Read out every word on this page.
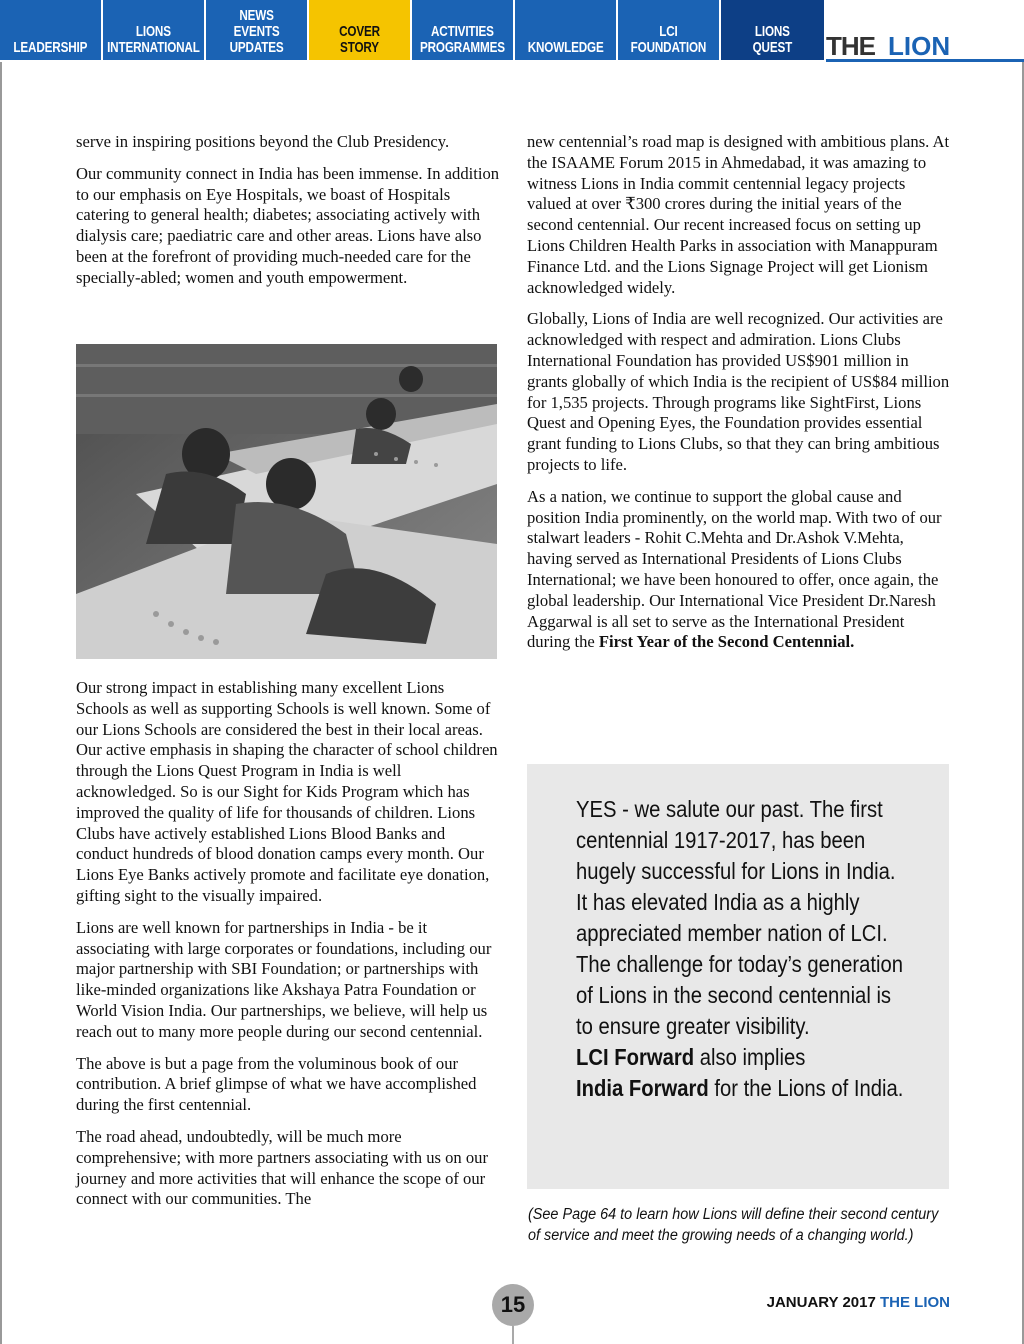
LEADERSHIP
LIONS
INTERNATIONAL
NEWS
EVENTS
UPDATES
COVER STORY
ACTIVITIES
PROGRAMMES KNOWLEDGE
LCI
FOUNDATION
LIONS
QUEST THE LION

serve in inspiring positions beyond the Club Presidency.

Our community connect in India has been immense. In addition to our emphasis on Eye Hospitals, we boast of Hospitals catering to general health; diabetes; associating actively with dialysis care; paediatric care and other areas. Lions have also been at the forefront of providing much-needed care for the specially-abled; women and youth empowerment.

Our strong impact in establishing many excellent Lions Schools as well as supporting Schools is well known. Some of our Lions Schools are considered the best in their local areas. Our active emphasis in shaping the character of school children through the Lions Quest Program in India is well acknowledged. So is our Sight for Kids Program which has improved the quality of life for thousands of children. Lions Clubs have actively established Lions Blood Banks and conduct hundreds of blood donation camps every month. Our Lions Eye Banks actively promote and facilitate eye donation, gifting sight to the visually impaired.

Lions are well known for partnerships in India - be it associating with large corporates or foundations, including our major partnership with SBI Foundation; or partnerships with like-minded organizations like Akshaya Patra Foundation or World Vision India. Our partnerships, we believe, will help us reach out to many more people during our second centennial.

The above is but a page from the voluminous book of our contribution. A brief glimpse of what we have accomplished during the first centennial.

The road ahead, undoubtedly, will be much more comprehensive; with more partners associating with us on our journey and more activities that will enhance the scope of our connect with our communities. The

new centennial’s road map is designed with ambitious plans. At the ISAAME Forum 2015 in Ahmedabad, it was amazing to witness Lions in India commit centennial legacy projects valued at over ₹300 crores during the initial years of the second centennial. Our recent increased focus on setting up Lions Children Health Parks in association with Manappuram Finance Ltd. and the Lions Signage Project will get Lionism acknowledged widely.

Globally, Lions of India are well recognized. Our activities are acknowledged with respect and admiration. Lions Clubs International Foundation has provided US$901 million in grants globally of which India is the recipient of US$84 million for 1,535 projects. Through programs like SightFirst, Lions Quest and Opening Eyes, the Foundation provides essential grant funding to Lions Clubs, so that they can bring ambitious projects to life.

As a nation, we continue to support the global cause and position India prominently, on the world map. With two of our stalwart leaders - Rohit C.Mehta and Dr.Ashok V.Mehta, having served as International Presidents of Lions Clubs International; we have been honoured to offer, once again, the global leadership. Our International Vice President Dr.Naresh Aggarwal is all set to serve as the International President during the First Year of the Second Centennial.

YES - we salute our past. The first centennial 1917-2017, has been hugely successful for Lions in India. It has elevated India as a highly appreciated member nation of LCI. The challenge for today’s generation of Lions in the second centennial is to ensure greater visibility.
LCI Forward also implies
India Forward for the Lions of India.
(See Page 64 to learn how Lions will define their second century of service and meet the growing needs of a changing world.)
15	JANUARY 2017 THE LION
